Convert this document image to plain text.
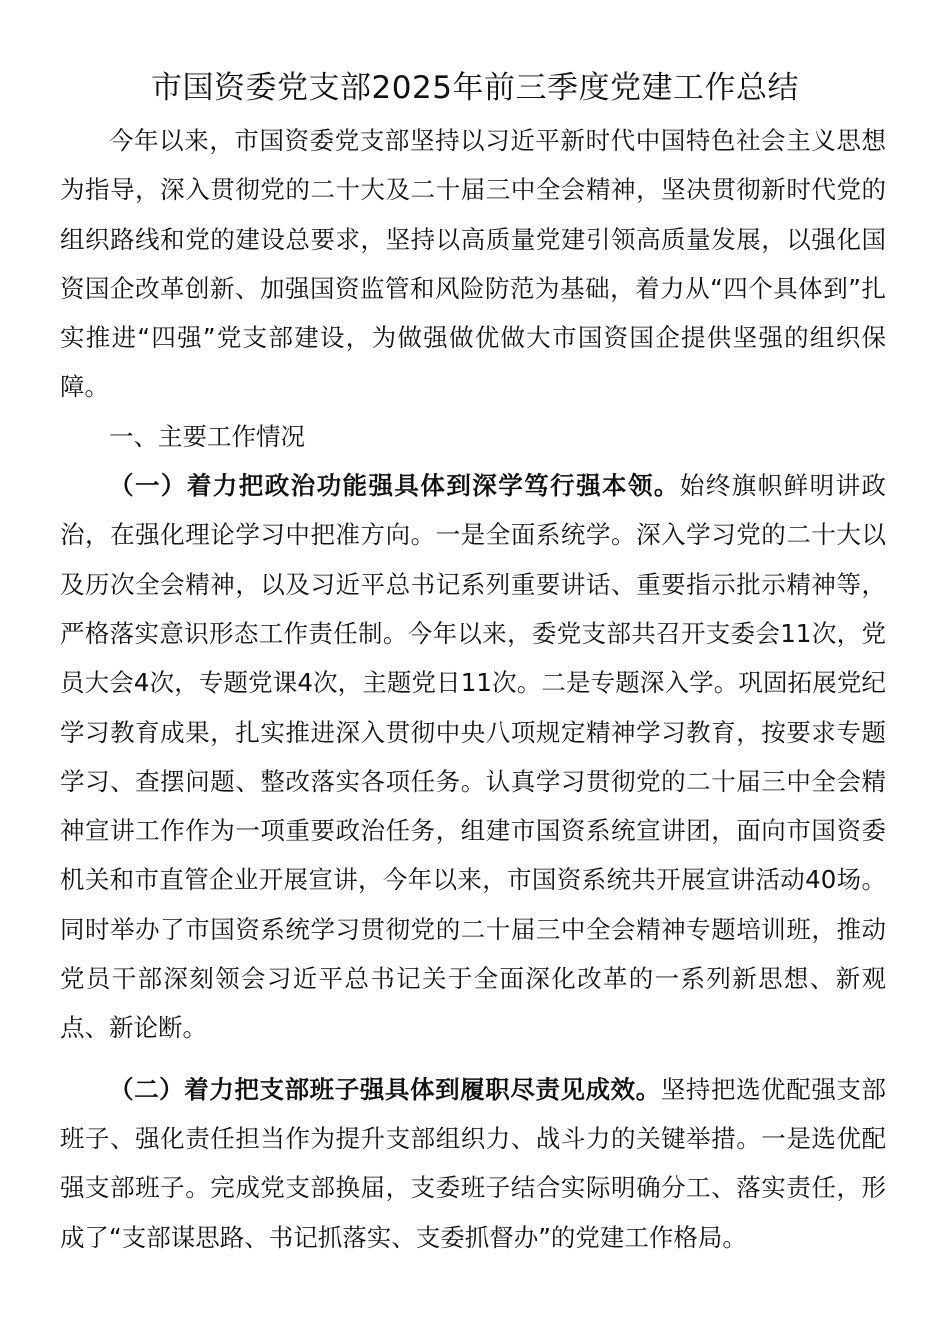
市国资委党支部2025年前三季度党建工作总结

今年以来，市国资委党支部坚持以习近平新时代中国特色社会主义思想为指导，深入贯彻党的二十大及二十届三中全会精神，坚决贯彻新时代党的组织路线和党的建设总要求，坚持以高质量党建引领高质量发展，以强化国资国企改革创新、加强国资监管和风险防范为基础，着力从“四个具体到”扎实推进“四强”党支部建设，为做强做优做大市国资国企提供坚强的组织保障。

一、主要工作情况

（一）着力把政治功能强具体到深学笃行强本领。始终旗帜鲜明讲政治，在强化理论学习中把准方向。一是全面系统学。深入学习党的二十大以及历次全会精神，以及习近平总书记系列重要讲话、重要指示批示精神等，严格落实意识形态工作责任制。今年以来，委党支部共召开支委会11次，党员大会4次，专题党课4次，主题党日11次。二是专题深入学。巩固拓展党纪学习教育成果，扎实推进深入贯彻中央八项规定精神学习教育，按要求专题学习、查摆问题、整改落实各项任务。认真学习贯彻党的二十届三中全会精神宣讲工作作为一项重要政治任务，组建市国资系统宣讲团，面向市国资委机关和市直管企业开展宣讲，今年以来，市国资系统共开展宣讲活动40场。同时举办了市国资系统学习贯彻党的二十届三中全会精神专题培训班，推动党员干部深刻领会习近平总书记关于全面深化改革的一系列新思想、新观点、新论断。

（二）着力把支部班子强具体到履职尽责见成效。坚持把选优配强支部班子、强化责任担当作为提升支部组织力、战斗力的关键举措。一是选优配强支部班子。完成党支部换届，支委班子结合实际明确分工、落实责任，形成了“支部谋思路、书记抓落实、支委抓督办”的党建工作格局。
